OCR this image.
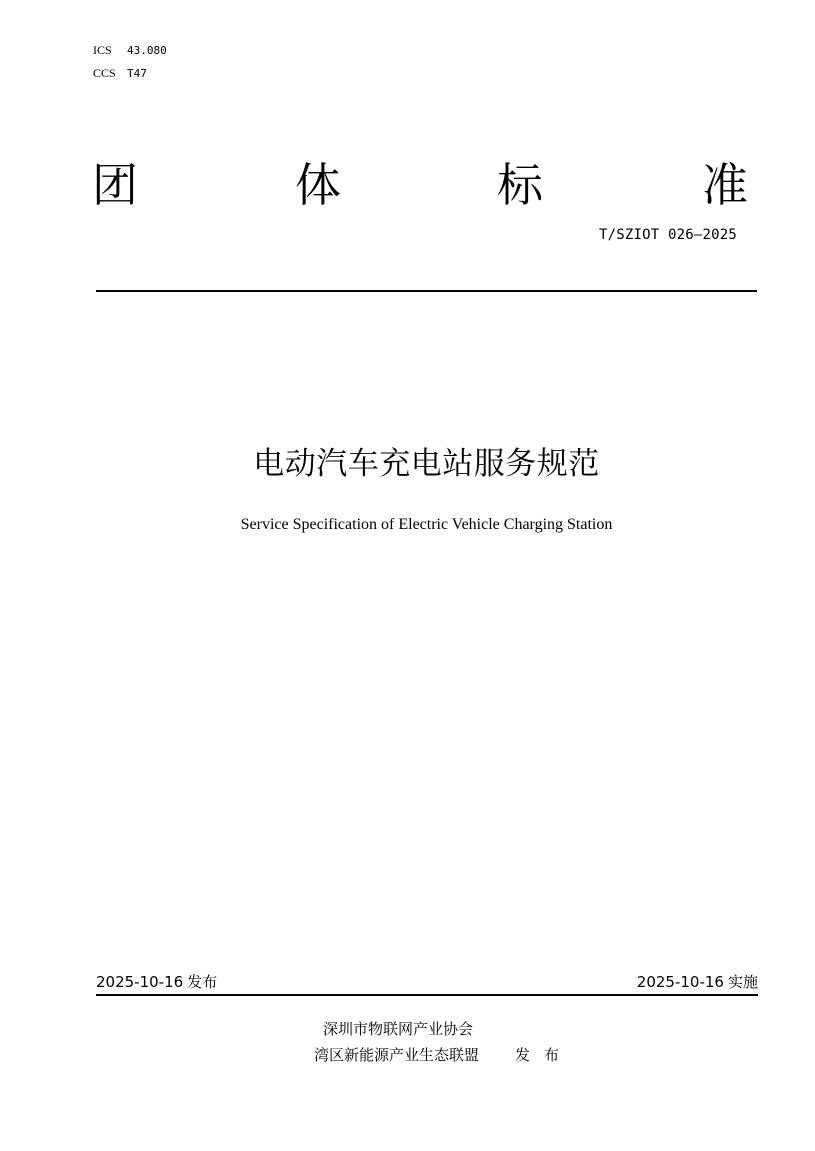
ICS	43.080
CCS	T47
团	体	标	准
T/SZIOT 026—2025
电动汽车充电站服务规范
Service Specification of Electric Vehicle Charging Station
2025-10-16 发布	2025-10-16 实施
深圳市物联网产业协会
湾区新能源产业生态联盟 发布
